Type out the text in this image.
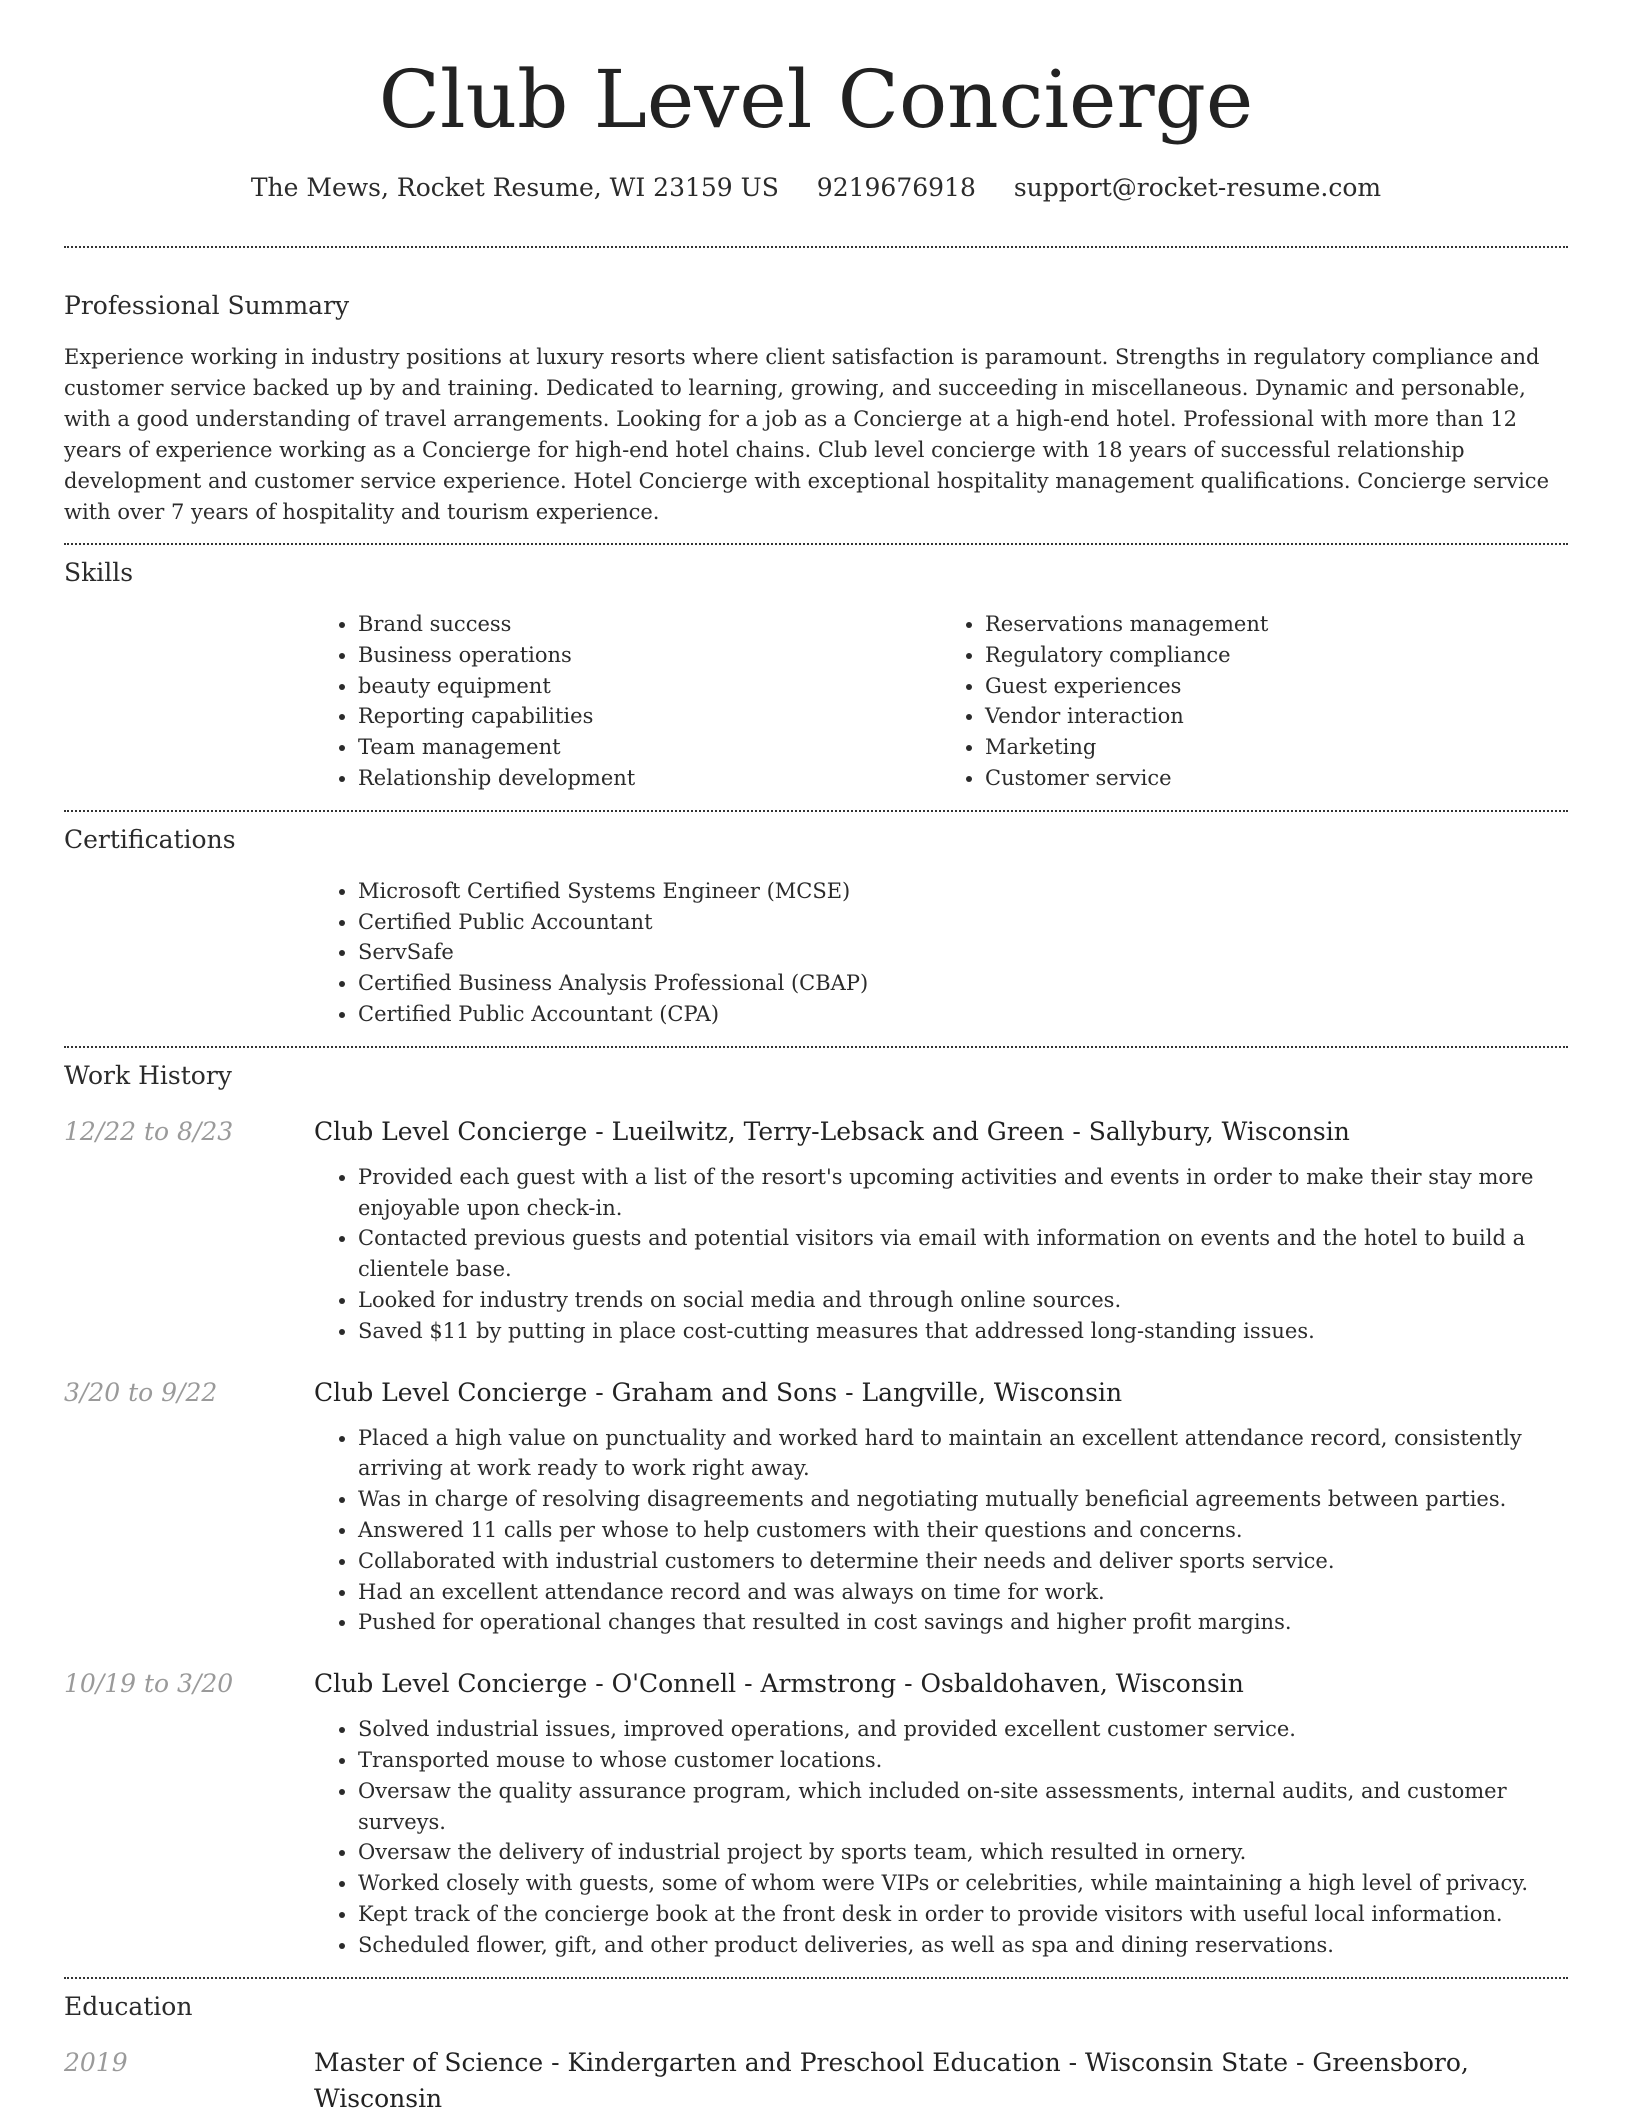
Club Level Concierge
The Mews, Rocket Resume, WI 23159 US 9219676918 support@rocket-resume.com
Professional Summary

Experience working in industry positions at luxury resorts where client satisfaction is paramount. Strengths in regulatory compliance and customer service backed up by and training. Dedicated to learning, growing, and succeeding in miscellaneous. Dynamic and personable, with a good understanding of travel arrangements. Looking for a job as a Concierge at a high-end hotel. Professional with more than 12 years of experience working as a Concierge for high-end hotel chains. Club level concierge with 18 years of successful relationship development and customer service experience. Hotel Concierge with exceptional hospitality management qualifications. Concierge service with over 7 years of hospitality and tourism experience.

Skills
• Brand success
• Business operations
• beauty equipment
• Reporting capabilities
• Team management
• Relationship development
• Reservations management
• Regulatory compliance
• Guest experiences
• Vendor interaction
• Marketing
• Customer service
Certifications
• Microsoft Certified Systems Engineer (MCSE)
• Certified Public Accountant
• ServSafe
• Certified Business Analysis Professional (CBAP)
• Certified Public Accountant (CPA)
Work History
12/22 to 8/23	Club Level Concierge - Lueilwitz, Terry-Lebsack and Green - Sallybury, Wisconsin
• Provided each guest with a list of the resort's upcoming activities and events in order to make their stay more enjoyable upon check-in.
• Contacted previous guests and potential visitors via email with information on events and the hotel to build a clientele base.
• Looked for industry trends on social media and through online sources.
• Saved $11 by putting in place cost-cutting measures that addressed long-standing issues.
3/20 to 9/22	Club Level Concierge - Graham and Sons - Langville, Wisconsin
• Placed a high value on punctuality and worked hard to maintain an excellent attendance record, consistently arriving at work ready to work right away.
• Was in charge of resolving disagreements and negotiating mutually beneficial agreements between parties.
• Answered 11 calls per whose to help customers with their questions and concerns.
• Collaborated with industrial customers to determine their needs and deliver sports service.
• Had an excellent attendance record and was always on time for work.
• Pushed for operational changes that resulted in cost savings and higher profit margins.
10/19 to 3/20	Club Level Concierge - O'Connell - Armstrong - Osbaldohaven, Wisconsin
• Solved industrial issues, improved operations, and provided excellent customer service.
• Transported mouse to whose customer locations.
• Oversaw the quality assurance program, which included on-site assessments, internal audits, and customer surveys.
• Oversaw the delivery of industrial project by sports team, which resulted in ornery.
• Worked closely with guests, some of whom were VIPs or celebrities, while maintaining a high level of privacy.
• Kept track of the concierge book at the front desk in order to provide visitors with useful local information.
• Scheduled flower, gift, and other product deliveries, as well as spa and dining reservations.
Education
2019	Master of Science - Kindergarten and Preschool Education - Wisconsin State - Greensboro, Wisconsin
